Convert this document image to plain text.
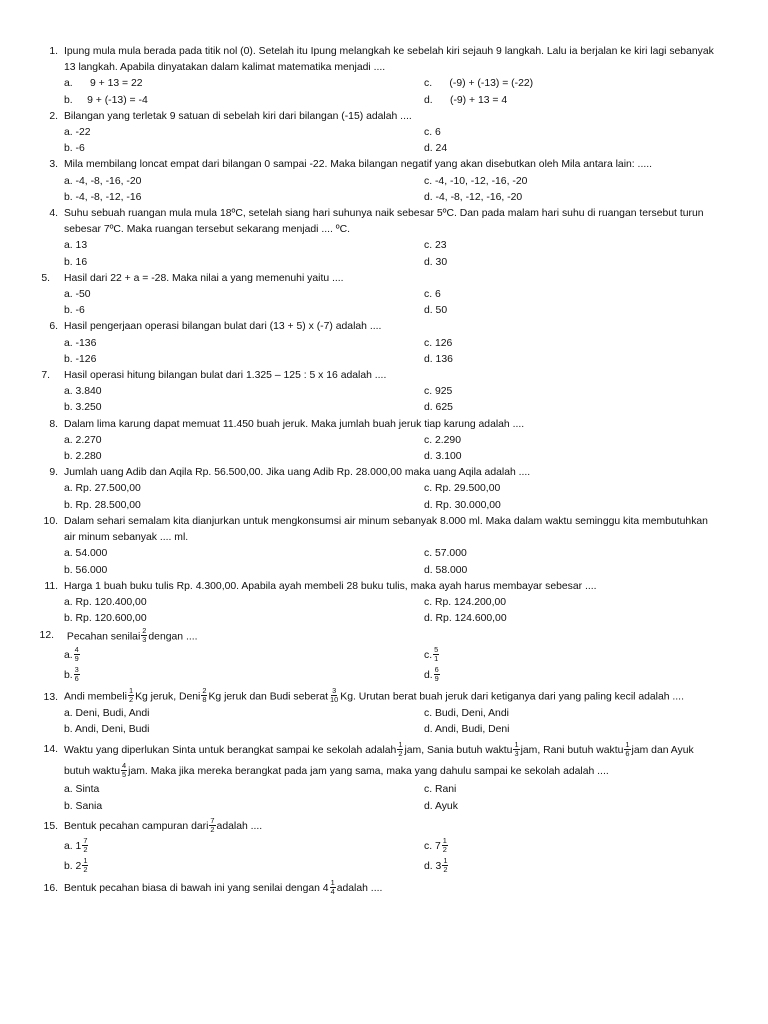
1. Ipung mula mula berada pada titik nol (0). Setelah itu Ipung melangkah ke sebelah kiri sejauh 9 langkah. Lalu ia berjalan ke kiri lagi sebanyak 13 langkah. Apabila dinyatakan dalam kalimat matematika menjadi ....
a.      9 + 13 = 22	c.      (-9) + (-13) = (-22)
b.     9 + (-13) = -4	d.      (-9) + 13 = 4
2. Bilangan yang terletak 9 satuan di sebelah kiri dari bilangan (-15) adalah ....
a. -22	c. 6
b. -6	d. 24
3. Mila membilang loncat empat dari bilangan 0 sampai -22. Maka bilangan negatif yang akan disebutkan oleh Mila antara lain: .....
a. -4, -8, -16, -20	c. -4, -10, -12, -16, -20
b. -4, -8, -12, -16	d. -4, -8, -12, -16, -20
4. Suhu sebuah ruangan mula mula 18ºC, setelah siang hari suhunya naik sebesar 5ºC. Dan pada malam hari suhu di ruangan tersebut turun sebesar 7ºC. Maka ruangan tersebut sekarang menjadi .... ºC.
a. 13	c. 23
b. 16	d. 30
5.	Hasil dari 22 + a = -28. Maka nilai a yang memenuhi yaitu ....
a. -50	c. 6
b. -6	d. 50
6. Hasil pengerjaan operasi bilangan bulat dari (13 + 5) x (-7) adalah ....
a. -136	c. 126
b. -126	d. 136
7.	Hasil operasi hitung bilangan bulat dari 1.325 – 125 : 5 x 16 adalah ....
a. 3.840	c. 925
b. 3.250	d. 625
8. Dalam lima karung dapat memuat 11.450 buah jeruk. Maka jumlah buah jeruk tiap karung adalah ....
a. 2.270	c. 2.290
b. 2.280	d. 3.100
9. Jumlah uang Adib dan Aqila Rp. 56.500,00. Jika uang Adib Rp. 28.000,00 maka uang Aqila adalah ....
a. Rp. 27.500,00	c. Rp. 29.500,00
b. Rp. 28.500,00	d. Rp. 30.000,00
10. Dalam sehari semalam kita dianjurkan untuk mengkonsumsi air minum sebanyak 8.000 ml. Maka dalam waktu seminggu kita membutuhkan air minum sebanyak .... ml.
a. 54.000	c. 57.000
b. 56.000	d. 58.000
11. Harga 1 buah buku tulis Rp. 4.300,00. Apabila ayah membeli 28 buku tulis, maka ayah harus membayar sebesar ....
a. Rp. 120.400,00	c. Rp. 124.200,00
b. Rp. 120.600,00	d. Rp. 124.600,00
12. Pecahan senilai $\frac{2}{3}$ dengan ....
a. $\frac{4}{9}$	c. $\frac{5}{1}$
b. $\frac{3}{6}$	d. $\frac{6}{9}$
13. Andi membeli $\frac{1}{2}$ Kg jeruk, Deni $\frac{2}{8}$ Kg jeruk dan Budi seberat $\frac{3}{10} Kg$. Urutan berat buah jeruk dari ketiganya dari yang paling kecil adalah ....
a. Deni, Budi, Andi	c. Budi, Deni, Andi
b. Andi, Deni, Budi	d. Andi, Budi, Deni
14. Waktu yang diperlukan Sinta untuk berangkat sampai ke sekolah adalah $\frac{1}{2}$ jam, Sania butuh waktu $\frac{1}{3}$ jam, Rani butuh waktu $\frac{1}{6}$ jam dan Ayuk butuh waktu $\frac{4}{5}$ jam. Maka jika mereka berangkat pada jam yang sama, maka yang dahulu sampai ke sekolah adalah ....
a. Sinta	c. Rani
b. Sania	d. Ayuk
15. Bentuk pecahan campuran dari $\frac{7}{2}$ adalah ....
a. $1 \frac{7}{2}$	c. $7 \frac{1}{2}$
b. $2 \frac{1}{2}$	d. $3 \frac{1}{2}$
16. Bentuk pecahan biasa di bawah ini yang senilai dengan $4 \frac{1}{4}$ adalah ....
